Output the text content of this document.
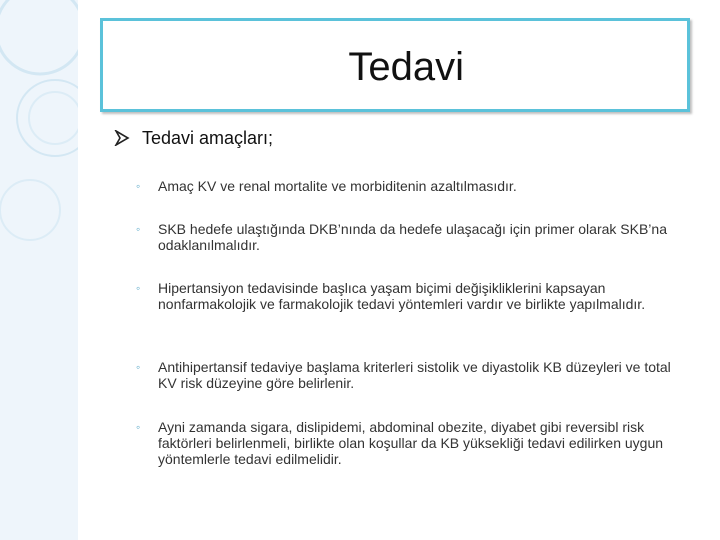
Tedavi
Tedavi amaçları;
◦	Amaç KV ve renal mortalite ve morbiditenin azaltılmasıdır.
◦	SKB hedefe ulaştığında DKB’nında da hedefe ulaşacağı için primer olarak SKB’na odaklanılmalıdır.
◦	Hipertansiyon tedavisinde başlıca yaşam biçimi değişikliklerini kapsayan nonfarmakolojik ve farmakolojik tedavi yöntemleri vardır ve birlikte yapılmalıdır.
◦	Antihipertansif tedaviye başlama kriterleri sistolik ve diyastolik KB düzeyleri ve total KV risk düzeyine göre belirlenir.
◦	Ayni zamanda sigara, dislipidemi, abdominal obezite, diyabet gibi reversibl risk faktörleri belirlenmeli, birlikte olan koşullar da KB yüksekliği tedavi edilirken uygun yöntemlerle tedavi edilmelidir.
